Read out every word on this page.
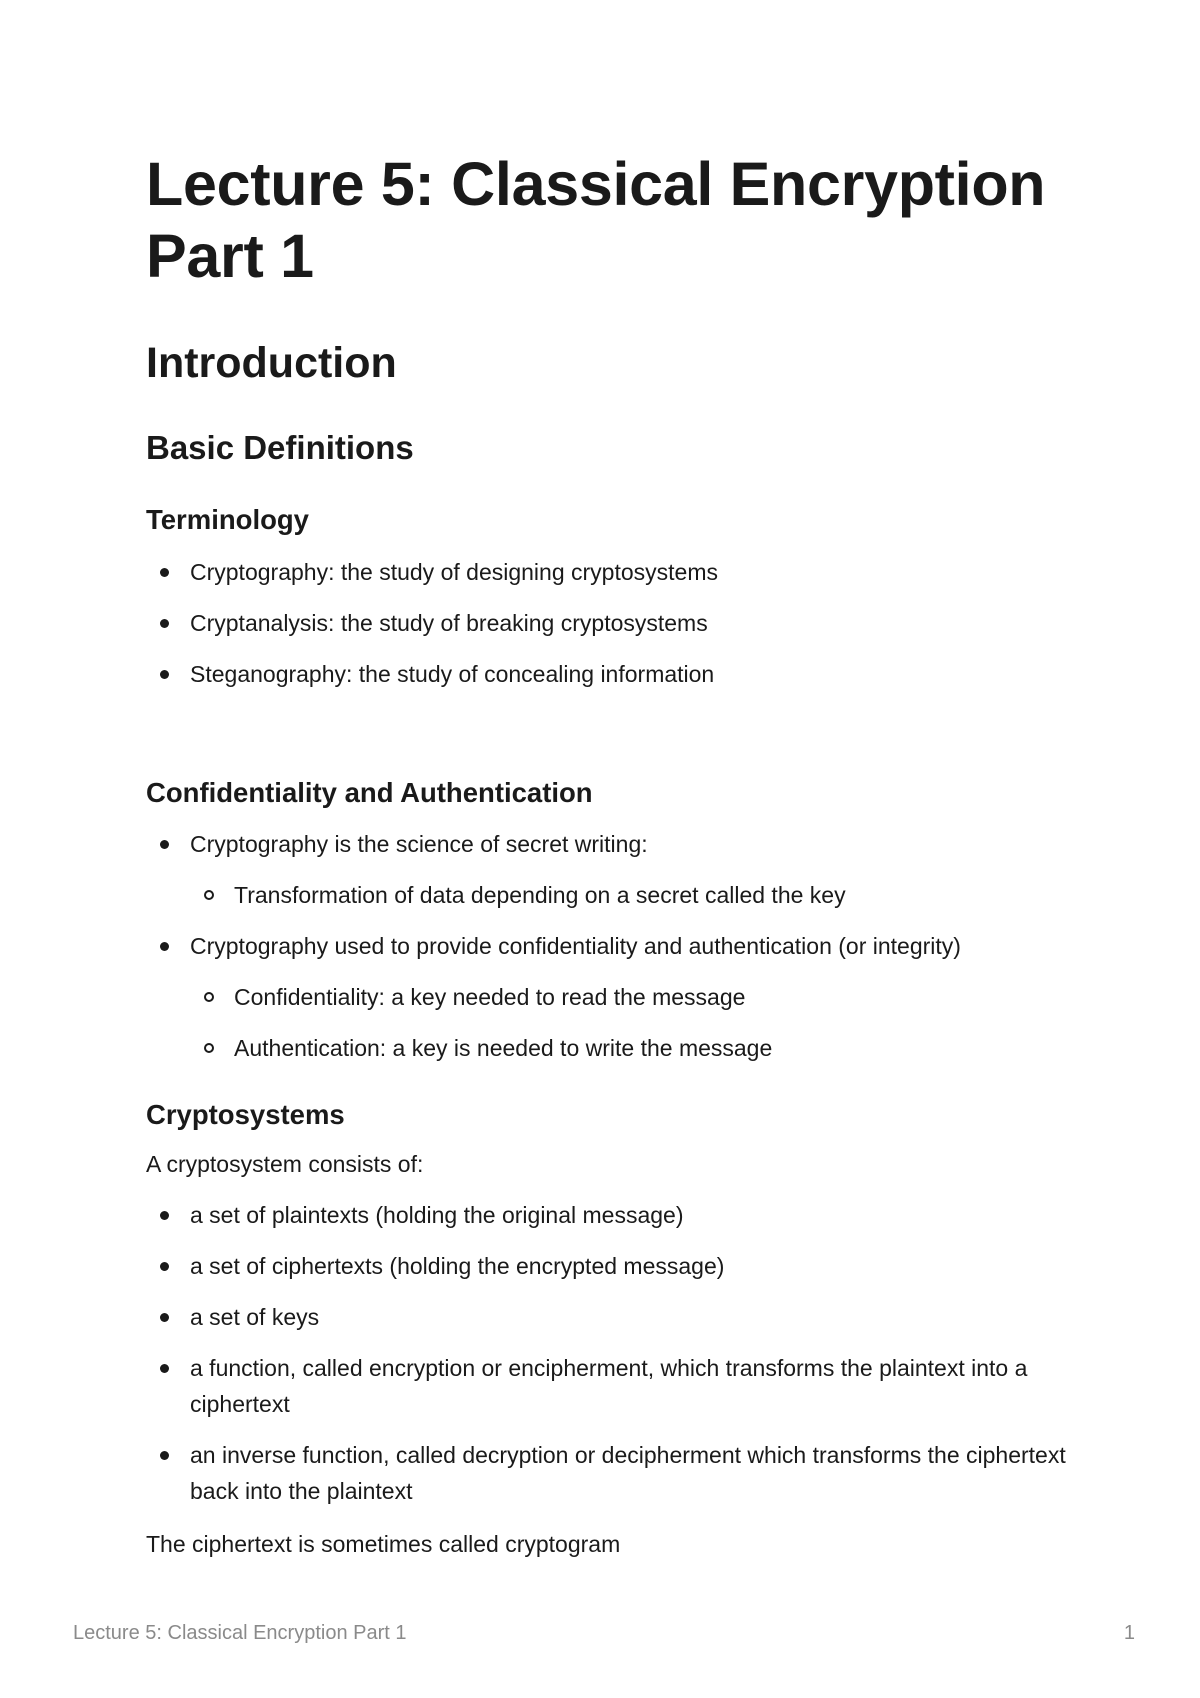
Lecture 5: Classical Encryption
Part 1
Introduction
Basic Definitions
Terminology
Cryptography: the study of designing cryptosystems
Cryptanalysis: the study of breaking cryptosystems
Steganography: the study of concealing information
Confidentiality and Authentication
Cryptography is the science of secret writing:
Transformation of data depending on a secret called the key
Cryptography used to provide confidentiality and authentication (or integrity)
Confidentiality: a key needed to read the message
Authentication: a key is needed to write the message
Cryptosystems

A cryptosystem consists of:

a set of plaintexts (holding the original message)
a set of ciphertexts (holding the encrypted message)
a set of keys
a function, called encryption or encipherment, which transforms the plaintext into a ciphertext
an inverse function, called decryption or decipherment which transforms the ciphertext back into the plaintext

The ciphertext is sometimes called cryptogram

Lecture 5: Classical Encryption Part 1	1
